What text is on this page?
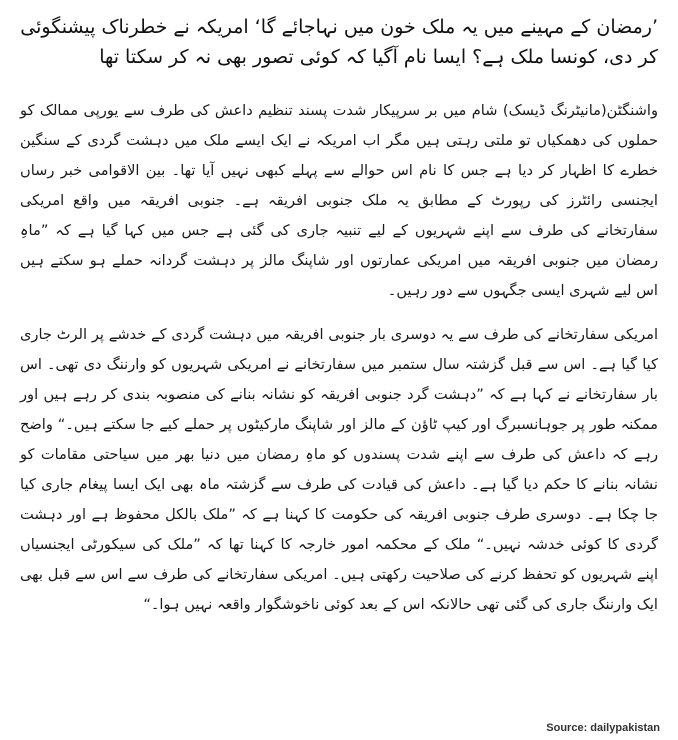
’رمضان کے مہینے میں یہ ملک خون میں نہاجائے گا‘ امریکہ نے خطرناک پیشنگوئی کر دی، کونسا ملک ہے؟ ایسا نام آگیا کہ کوئی تصور بھی نہ کر سکتا تھا

واشنگٹن(مانیٹرنگ ڈیسک) شام میں بر سرپیکار شدت پسند تنظیم داعش کی طرف سے یورپی ممالک کو حملوں کی دھمکیاں تو ملتی رہتی ہیں مگر اب امریکہ نے ایک ایسے ملک میں دہشت گردی کے سنگین خطرے کا اظہار کر دیا ہے جس کا نام اس حوالے سے پہلے کبھی نہیں آیا تھا۔ بین الاقوامی خبر رساں ایجنسی رائٹرز کی رپورٹ کے مطابق یہ ملک جنوبی افریقہ ہے۔ جنوبی افریقہ میں واقع امریکی سفارتخانے کی طرف سے اپنے شہریوں کے لیے تنبیہ جاری کی گئی ہے جس میں کہا گیا ہے کہ ”ماہِ رمضان میں جنوبی افریقہ میں امریکی عمارتوں اور شاپنگ مالز پر دہشت گردانہ حملے ہو سکتے ہیں اس لیے شہری ایسی جگہوں سے دور رہیں۔

امریکی سفارتخانے کی طرف سے یہ دوسری بار جنوبی افریقہ میں دہشت گردی کے خدشے پر الرٹ جاری کیا گیا ہے۔ اس سے قبل گزشتہ سال ستمبر میں سفارتخانے نے امریکی شہریوں کو وارننگ دی تھی۔ اس بار سفارتخانے نے کہا ہے کہ ”دہشت گرد جنوبی افریقہ کو نشانہ بنانے کی منصوبہ بندی کر رہے ہیں اور ممکنہ طور پر جوہانسبرگ اور کیپ ٹاؤن کے مالز اور شاپنگ مارکیٹوں پر حملے کیے جا سکتے ہیں۔“ واضح رہے کہ داعش کی طرف سے اپنے شدت پسندوں کو ماہِ رمضان میں دنیا بھر میں سیاحتی مقامات کو نشانہ بنانے کا حکم دیا گیا ہے۔ داعش کی قیادت کی طرف سے گزشتہ ماہ بھی ایک ایسا پیغام جاری کیا جا چکا ہے۔ دوسری طرف جنوبی افریقہ کی حکومت کا کہنا ہے کہ ”ملک بالکل محفوظ ہے اور دہشت گردی کا کوئی خدشہ نہیں۔“ ملک کے محکمہ امور خارجہ کا کہنا تھا کہ ”ملک کی سیکورٹی ایجنسیاں اپنے شہریوں کو تحفظ کرنے کی صلاحیت رکھتی ہیں۔ امریکی سفارتخانے کی طرف سے اس سے قبل بھی ایک وارننگ جاری کی گئی تھی حالانکہ اس کے بعد کوئی ناخوشگوار واقعہ نہیں ہوا۔“

Source: dailypakistan
